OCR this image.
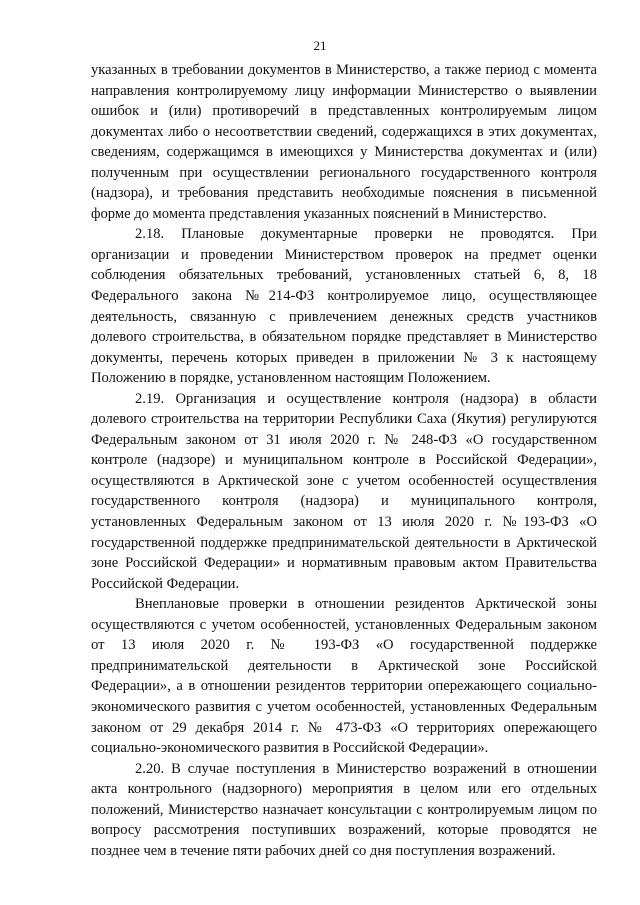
21

указанных в требовании документов в Министерство, а также период с момента направления контролируемому лицу информации Министерство о выявлении ошибок и (или) противоречий в представленных контролируемым лицом документах либо о несоответствии сведений, содержащихся в этих документах, сведениям, содержащимся в имеющихся у Министерства документах и (или) полученным при осуществлении регионального государственного контроля (надзора), и требования представить необходимые пояснения в письменной форме до момента представления указанных пояснений в Министерство.

2.18. Плановые документарные проверки не проводятся. При организации и проведении Министерством проверок на предмет оценки соблюдения обязательных требований, установленных статьей 6, 8, 18 Федерального закона №214-ФЗ контролируемое лицо, осуществляющее деятельность, связанную с привлечением денежных средств участников долевого строительства, в обязательном порядке представляет в Министерство документы, перечень которых приведен в приложении № 3 к настоящему Положению в порядке, установленном настоящим Положением.

2.19. Организация и осуществление контроля (надзора) в области долевого строительства на территории Республики Саха (Якутия) регулируются Федеральным законом от 31 июля 2020 г. № 248-ФЗ «О государственном контроле (надзоре) и муниципальном контроле в Российской Федерации», осуществляются в Арктической зоне с учетом особенностей осуществления государственного контроля (надзора) и муниципального контроля, установленных Федеральным законом от 13 июля 2020 г. №193-ФЗ «О государственной поддержке предпринимательской деятельности в Арктической зоне Российской Федерации» и нормативным правовым актом Правительства Российской Федерации.

Внеплановые проверки в отношении резидентов Арктической зоны осуществляются с учетом особенностей, установленных Федеральным законом от 13 июля 2020 г. № 193-ФЗ «О государственной поддержке предпринимательской деятельности в Арктической зоне Российской Федерации», а в отношении резидентов территории опережающего социально-экономического развития с учетом особенностей, установленных Федеральным законом от 29 декабря 2014 г. № 473-ФЗ «О территориях опережающего социально-экономического развития в Российской Федерации».

2.20. В случае поступления в Министерство возражений в отношении акта контрольного (надзорного) мероприятия в целом или его отдельных положений, Министерство назначает консультации с контролируемым лицом по вопросу рассмотрения поступивших возражений, которые проводятся не позднее чем в течение пяти рабочих дней со дня поступления возражений.
